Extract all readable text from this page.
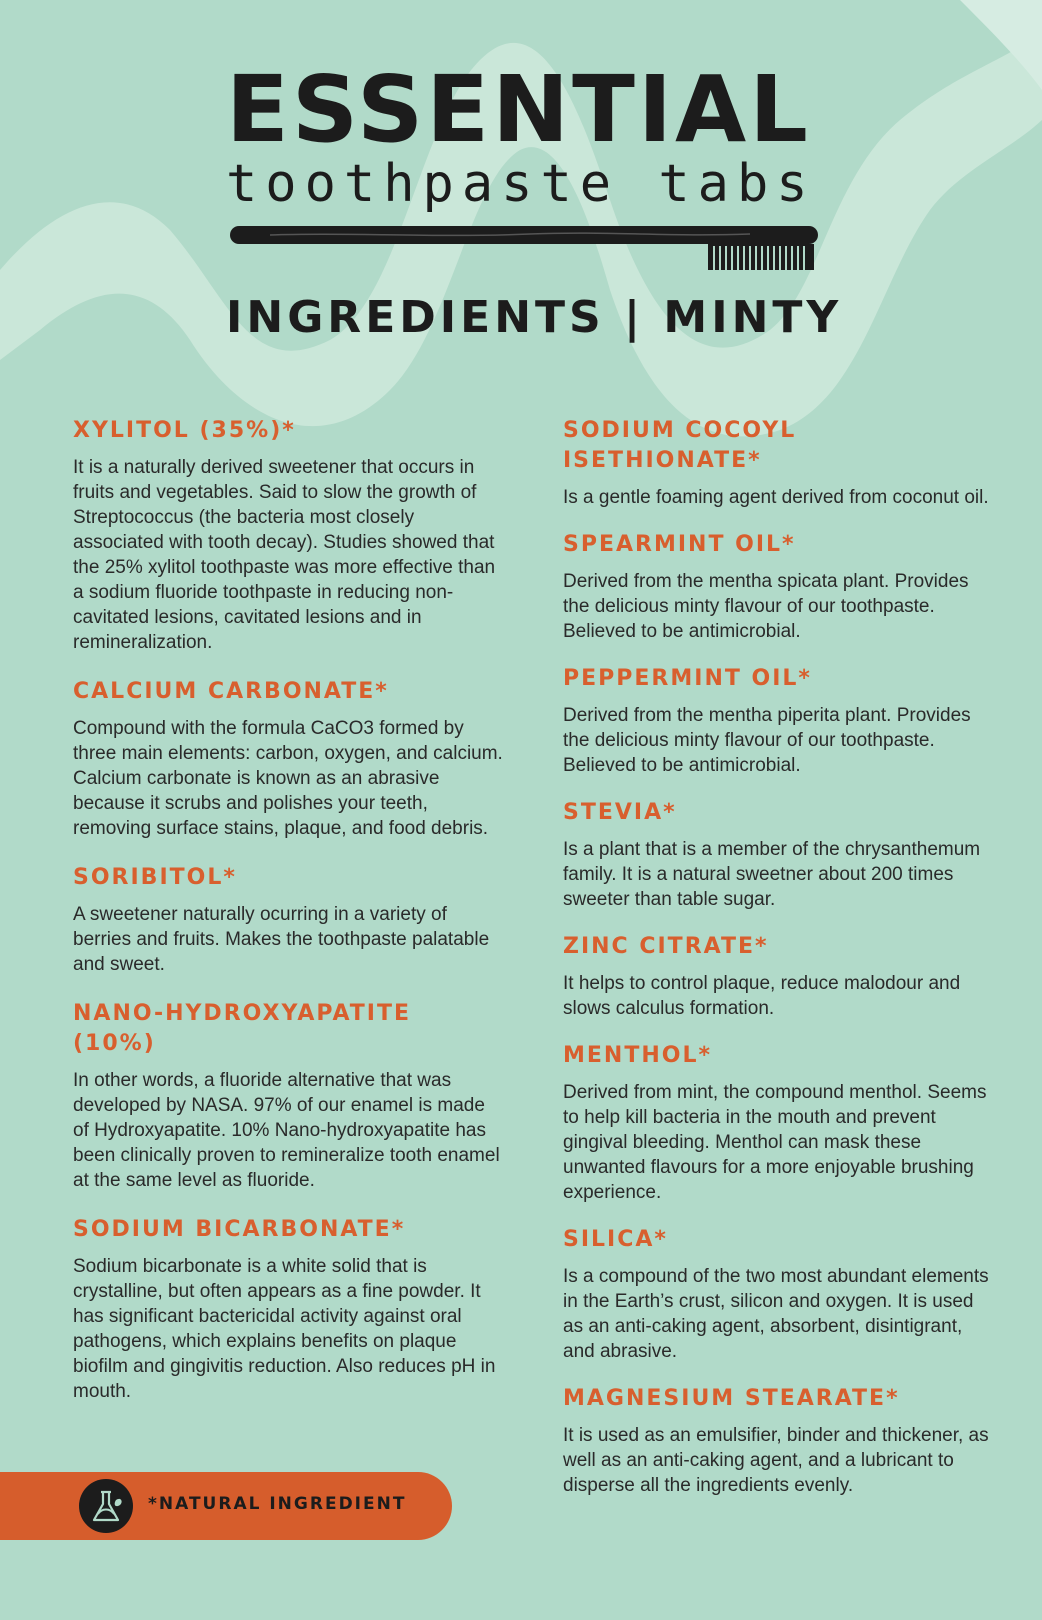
ESSENTIAL
toothpaste tabs
INGREDIENTS | MINTY
XYLITOL (35%)*

It is a naturally derived sweetener that occurs in fruits and vegetables. Said to slow the growth of Streptococcus (the bacteria most closely associated with tooth decay). Studies showed that the 25% xylitol toothpaste was more effective than a sodium fluoride toothpaste in reducing non-cavitated lesions, cavitated lesions and in remineralization.

CALCIUM CARBONATE*

Compound with the formula CaCO3 formed by three main elements: carbon, oxygen, and calcium. Calcium carbonate is known as an abrasive because it scrubs and polishes your teeth, removing surface stains, plaque, and food debris.

SORIBITOL*

A sweetener naturally ocurring in a variety of berries and fruits. Makes the toothpaste palatable and sweet.

NANO-HYDROXYAPATITE (10%)

In other words, a fluoride alternative that was developed by NASA. 97% of our enamel is made of Hydroxyapatite. 10% Nano-hydroxyapatite has been clinically proven to remineralize tooth enamel at the same level as fluoride.

SODIUM BICARBONATE*

Sodium bicarbonate is a white solid that is crystalline, but often appears as a fine powder. It has significant bactericidal activity against oral pathogens, which explains benefits on plaque biofilm and gingivitis reduction. Also reduces pH in mouth.

SODIUM COCOYL ISETHIONATE*

Is a gentle foaming agent derived from coconut oil.

SPEARMINT OIL*

Derived from the mentha spicata plant. Provides the delicious minty flavour of our toothpaste. Believed to be antimicrobial.

PEPPERMINT OIL*

Derived from the mentha piperita plant. Provides the delicious minty flavour of our toothpaste. Believed to be antimicrobial.

STEVIA*

Is a plant that is a member of the chrysanthemum family. It is a natural sweetner about 200 times sweeter than table sugar.

ZINC CITRATE*

It helps to control plaque, reduce malodour and slows calculus formation.

MENTHOL*

Derived from mint, the compound menthol. Seems to help kill bacteria in the mouth and prevent gingival bleeding. Menthol can mask these unwanted flavours for a more enjoyable brushing experience.

SILICA*

Is a compound of the two most abundant elements in the Earth’s crust, silicon and oxygen. It is used as an anti-caking agent, absorbent, disintigrant, and abrasive.

MAGNESIUM STEARATE*

It is used as an emulsifier, binder and thickener, as well as an anti-caking agent, and a lubricant to disperse all the ingredients evenly.

*NATURAL INGREDIENT
